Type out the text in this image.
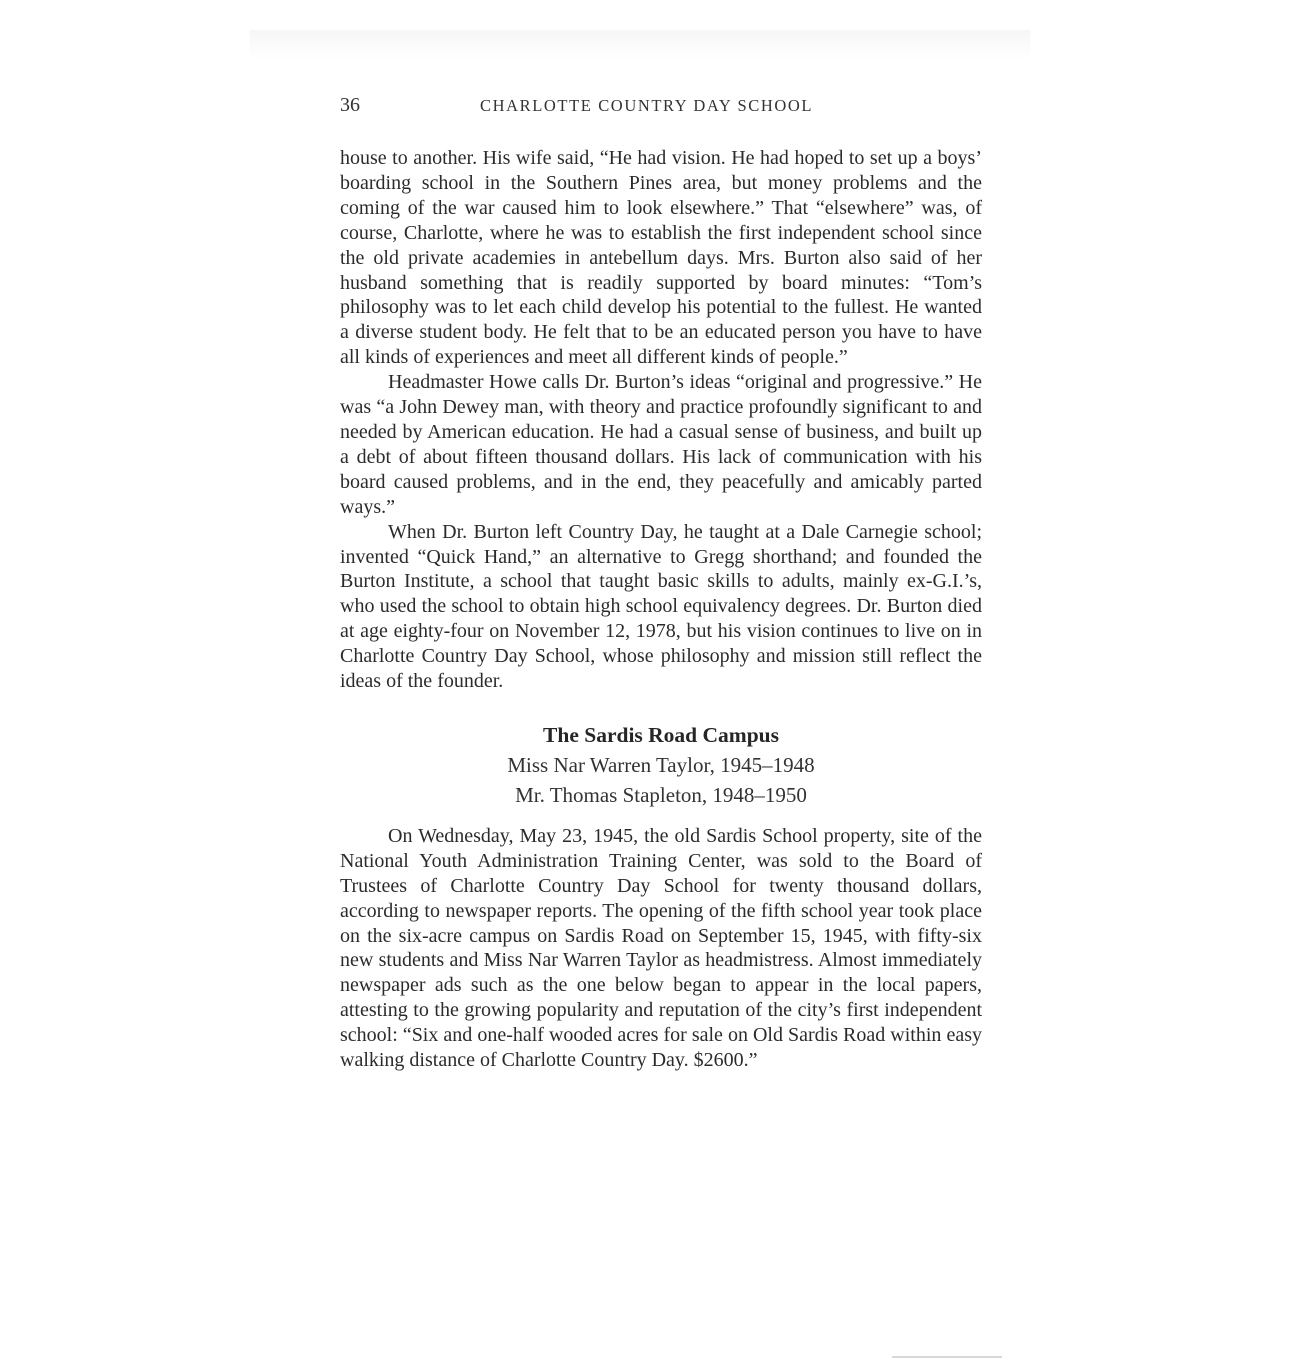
36	CHARLOTTE COUNTRY DAY SCHOOL

house to another. His wife said, “He had vision. He had hoped to set up a boys’ boarding school in the Southern Pines area, but money problems and the coming of the war caused him to look elsewhere.” That “elsewhere” was, of course, Charlotte, where he was to establish the first independent school since the old private academies in antebellum days. Mrs. Burton also said of her husband something that is readily supported by board minutes: “Tom’s philosophy was to let each child develop his potential to the fullest. He wanted a diverse student body. He felt that to be an educated person you have to have all kinds of experiences and meet all different kinds of people.”

Headmaster Howe calls Dr. Burton’s ideas “original and progressive.” He was “a John Dewey man, with theory and practice profoundly significant to and needed by American education. He had a casual sense of business, and built up a debt of about fifteen thousand dollars. His lack of communication with his board caused problems, and in the end, they peacefully and amicably parted ways.”

When Dr. Burton left Country Day, he taught at a Dale Carnegie school; invented “Quick Hand,” an alternative to Gregg shorthand; and founded the Burton Institute, a school that taught basic skills to adults, mainly ex-G.I.’s, who used the school to obtain high school equivalency degrees. Dr. Burton died at age eighty-four on November 12, 1978, but his vision continues to live on in Charlotte Country Day School, whose philosophy and mission still reflect the ideas of the founder.

The Sardis Road Campus

Miss Nar Warren Taylor, 1945–1948

Mr. Thomas Stapleton, 1948–1950

On Wednesday, May 23, 1945, the old Sardis School property, site of the National Youth Administration Training Center, was sold to the Board of Trustees of Charlotte Country Day School for twenty thousand dollars, according to newspaper reports. The opening of the fifth school year took place on the six-acre campus on Sardis Road on September 15, 1945, with fifty-six new students and Miss Nar Warren Taylor as headmistress. Almost immediately newspaper ads such as the one below began to appear in the local papers, attesting to the growing popularity and reputation of the city’s first independent school: “Six and one-half wooded acres for sale on Old Sardis Road within easy walking distance of Charlotte Country Day. $2600.”
